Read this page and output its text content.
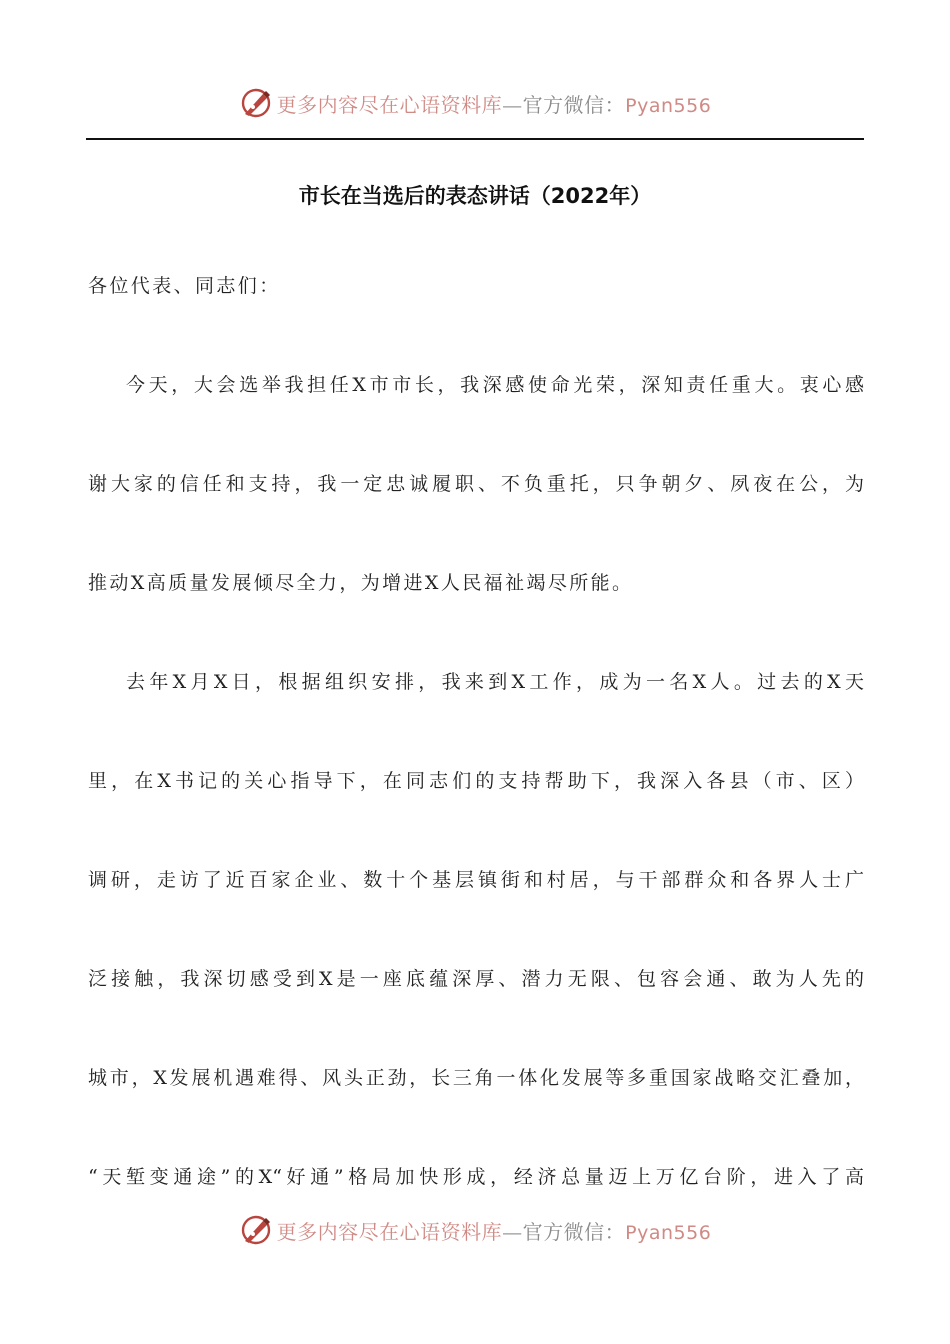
更多内容尽在心语资料库—官方微信：Pyan556
市长在当选后的表态讲话（2022年）
各位代表、同志们：
今天，大会选举我担任X市市长，我深感使命光荣，深知责任重大。衷心感
谢大家的信任和支持，我一定忠诚履职、不负重托，只争朝夕、夙夜在公，为
推动X高质量发展倾尽全力，为增进X人民福祉竭尽所能。
去年X月X日，根据组织安排，我来到X工作，成为一名X人。过去的X天
里，在X书记的关心指导下，在同志们的支持帮助下，我深入各县（市、区）
调研，走访了近百家企业、数十个基层镇街和村居，与干部群众和各界人士广
泛接触，我深切感受到X是一座底蕴深厚、潜力无限、包容会通、敢为人先的
城市，X发展机遇难得、风头正劲，长三角一体化发展等多重国家战略交汇叠加，
“天堑变通途”的X“好通”格局加快形成，经济总量迈上万亿台阶，进入了高
更多内容尽在心语资料库—官方微信：Pyan556
